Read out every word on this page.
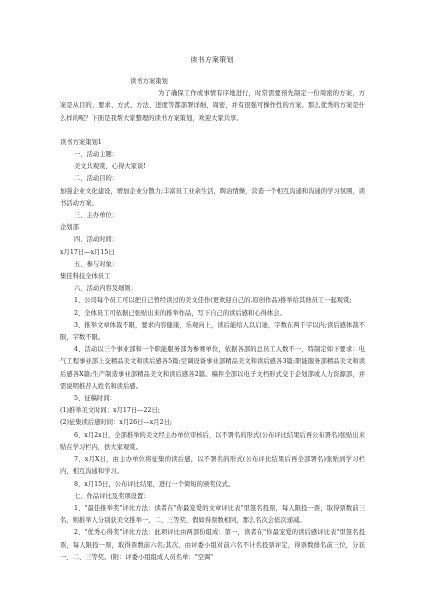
读书方案策划
读书方案策划
为了确保工作或事情有序地进行，时常需要预先制定一份周密的方案，方案是从目的、要求、方式、方法、进度等都部署详细、周密，并有很强可操作性的方案。那么优秀的方案是什么样的呢？下面是我帮大家整理的读书方案策划，欢迎大家共享。
读书方案策划1
一、活动主题：
美文共观赏，心得大家谈!
二、活动目的：
加强企业文化建设，增加企业分散力;丰富员工业余生活，陶冶情操，营造一个相互沟通和沟通的学习氛围，读书活动方案。
三、主办单位：
企划部
四、活动时间：
x月17日—x月15日
五、参与对象：
集佳科技全体员工
六、活动内容及细则：
1、公司每个员工可以把自己曾经读过的美文佳作(更欢迎自己的.原创作品)推举给其他员工一起观赏;
2、全体员工可依据已张贴出来的推举作品，写下自己的读后感和心得体会。
3、推举文章体裁不限，要求内容健康，乐观向上，读后能给人以启迪，字数在两千字以内;读后感体裁不限，字数不限。
4、活动以三个事业部和一个职能服务部为参赛单位，依据各部的总员工人数不一，特制定如下要求：电气工程事业部上交精品美文和读后感各5篇;空调设备事业部精品美文和读后感各3篇;职能服务部精品美文和读后感各X篇;生产制造事业部精品美文和读后感各2篇。稿件全部以电子文档形式交于企划部或人力资源部，并需说明推荐人姓名和读后感。
5、征稿时间：
(1)推举美文时间：x月17日—22日;
(2)征集读后感时间：x月26日—x月2日;
6、x月2x日，全部推举的美文经主办单位审核后，以不署名的形式(公布评比结果后再公布署名)张贴出来贴在学习栏内，供大家观赏。
7、x月X日，由主办单位将征集的读后感，以不署名的形式(公布评比结果后再全部署名)张贴到学习栏内，相互沟通和学习。
8、x月15日，公布评比结果，进行一个简短的颁奖仪式。
七、作品评比及奖项设置：
1、"最佳推举奖"评比方法：读者在"你最宠爱的文章评比表"里签名投票，每人限投一票，取得票数前三名，则推举人分别获美文推举一、二、三等奖，假如得票数相同，那么名次会依次递减。
2、"优秀心得奖"评比方法：此项评比由两部份组成：第一，读者在"你最宠爱的读后感评比表"里签名投票，每人限投一票，取得票数前六名;其次，由评委小组对前六名不计名投票评定，得票数排名前三位，分获一、二、三等奖。(附：评委小组组成人员名单："空调"
